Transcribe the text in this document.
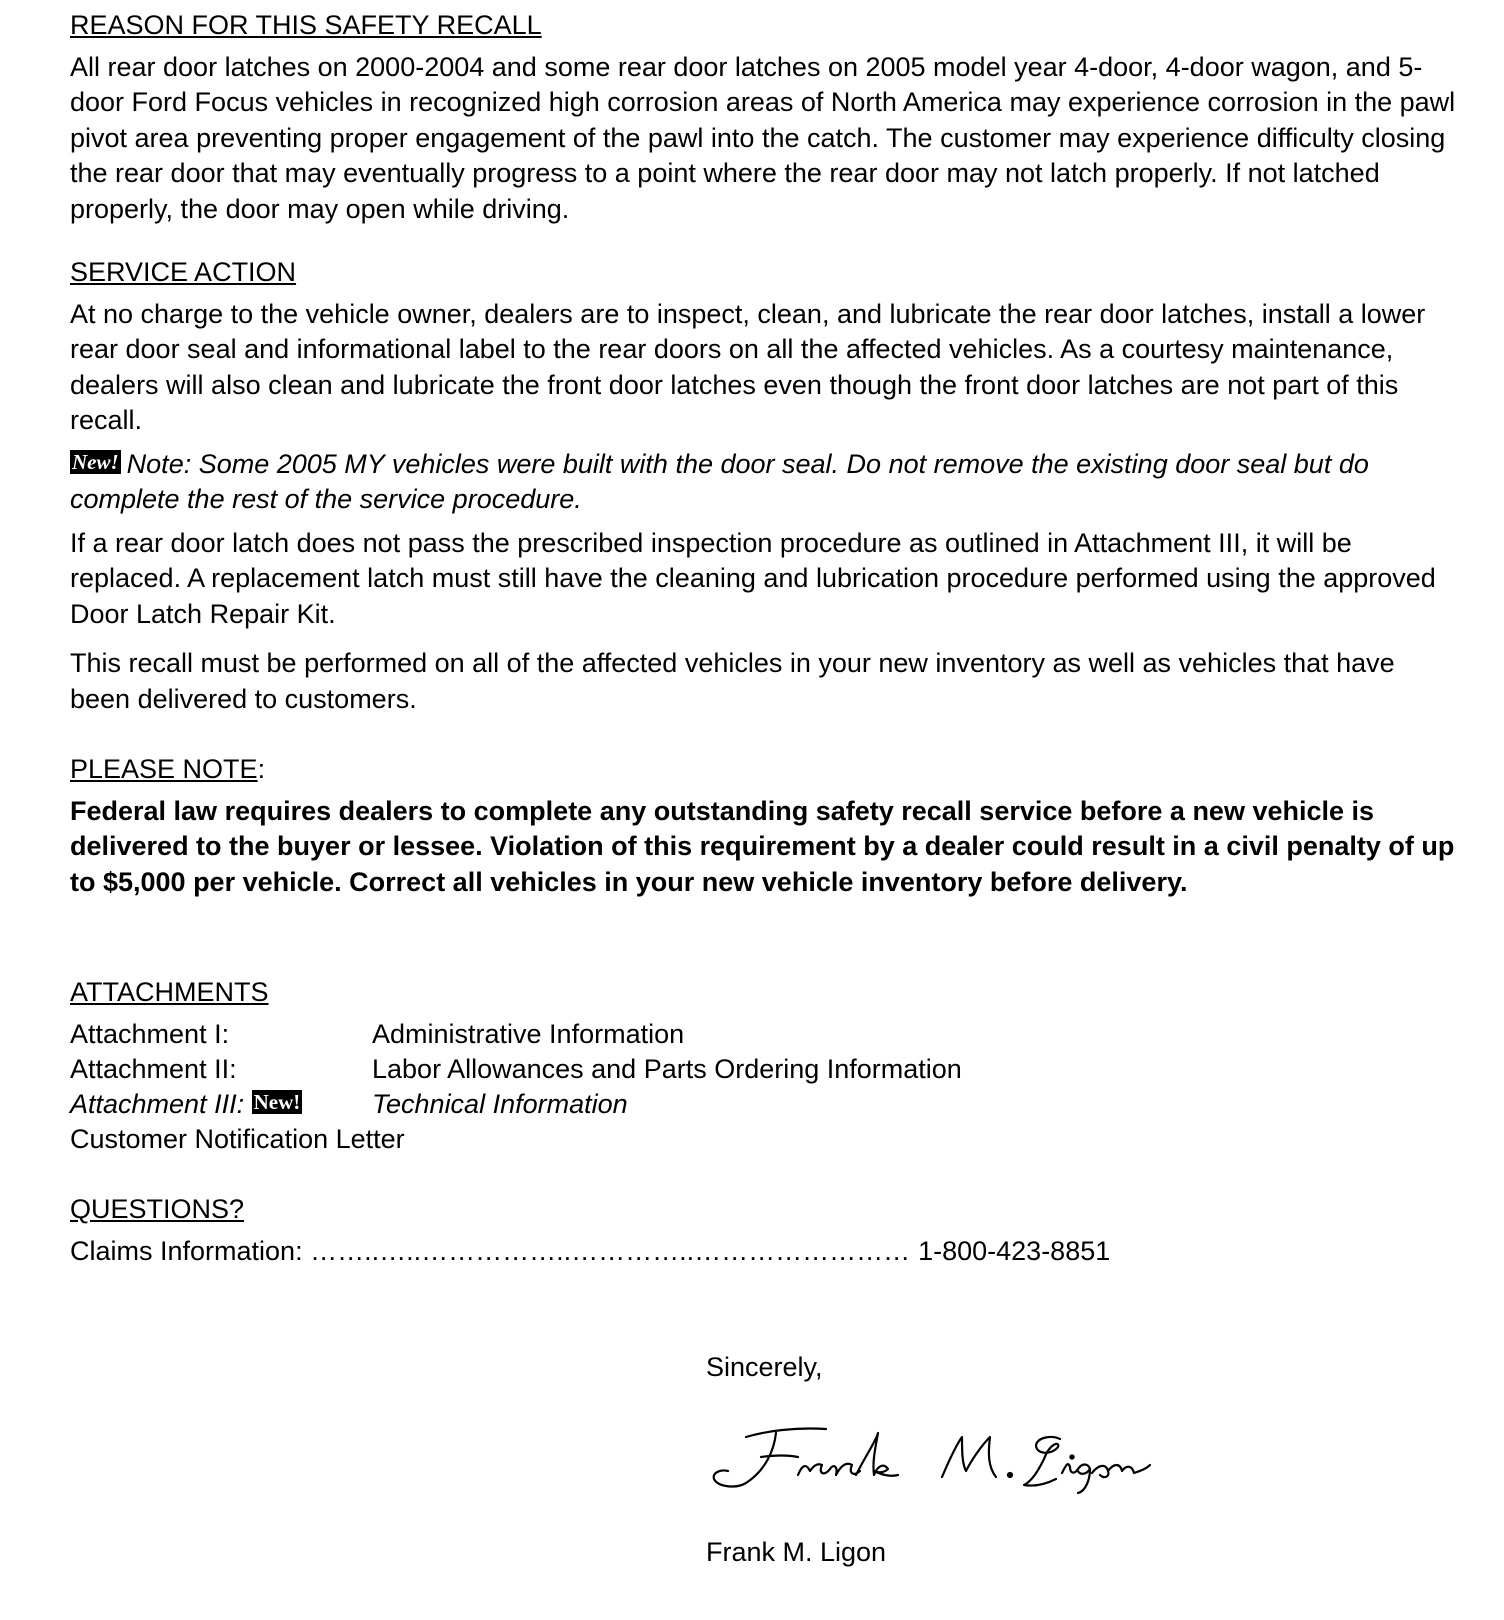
REASON FOR THIS SAFETY RECALL

All rear door latches on 2000-2004 and some rear door latches on 2005 model year 4-door, 4-door wagon, and 5-door Ford Focus vehicles in recognized high corrosion areas of North America may experience corrosion in the pawl pivot area preventing proper engagement of the pawl into the catch. The customer may experience difficulty closing the rear door that may eventually progress to a point where the rear door may not latch properly. If not latched properly, the door may open while driving.

SERVICE ACTION

At no charge to the vehicle owner, dealers are to inspect, clean, and lubricate the rear door latches, install a lower rear door seal and informational label to the rear doors on all the affected vehicles. As a courtesy maintenance, dealers will also clean and lubricate the front door latches even though the front door latches are not part of this recall.

New! Note: Some 2005 MY vehicles were built with the door seal. Do not remove the existing door seal but do complete the rest of the service procedure.

If a rear door latch does not pass the prescribed inspection procedure as outlined in Attachment III, it will be replaced. A replacement latch must still have the cleaning and lubrication procedure performed using the approved Door Latch Repair Kit.

This recall must be performed on all of the affected vehicles in your new inventory as well as vehicles that have been delivered to customers.

PLEASE NOTE:

Federal law requires dealers to complete any outstanding safety recall service before a new vehicle is delivered to the buyer or lessee. Violation of this requirement by a dealer could result in a civil penalty of up to $5,000 per vehicle. Correct all vehicles in your new vehicle inventory before delivery.

ATTACHMENTS
Attachment I:	Administrative Information
Attachment II:	Labor Allowances and Parts Ordering Information
Attachment III: New!	Technical Information
Customer Notification Letter
QUESTIONS?
Claims Information:
……..…..……………..…………..…………………… 1-800-423-8851
Sincerely,
Frank M. Ligon
